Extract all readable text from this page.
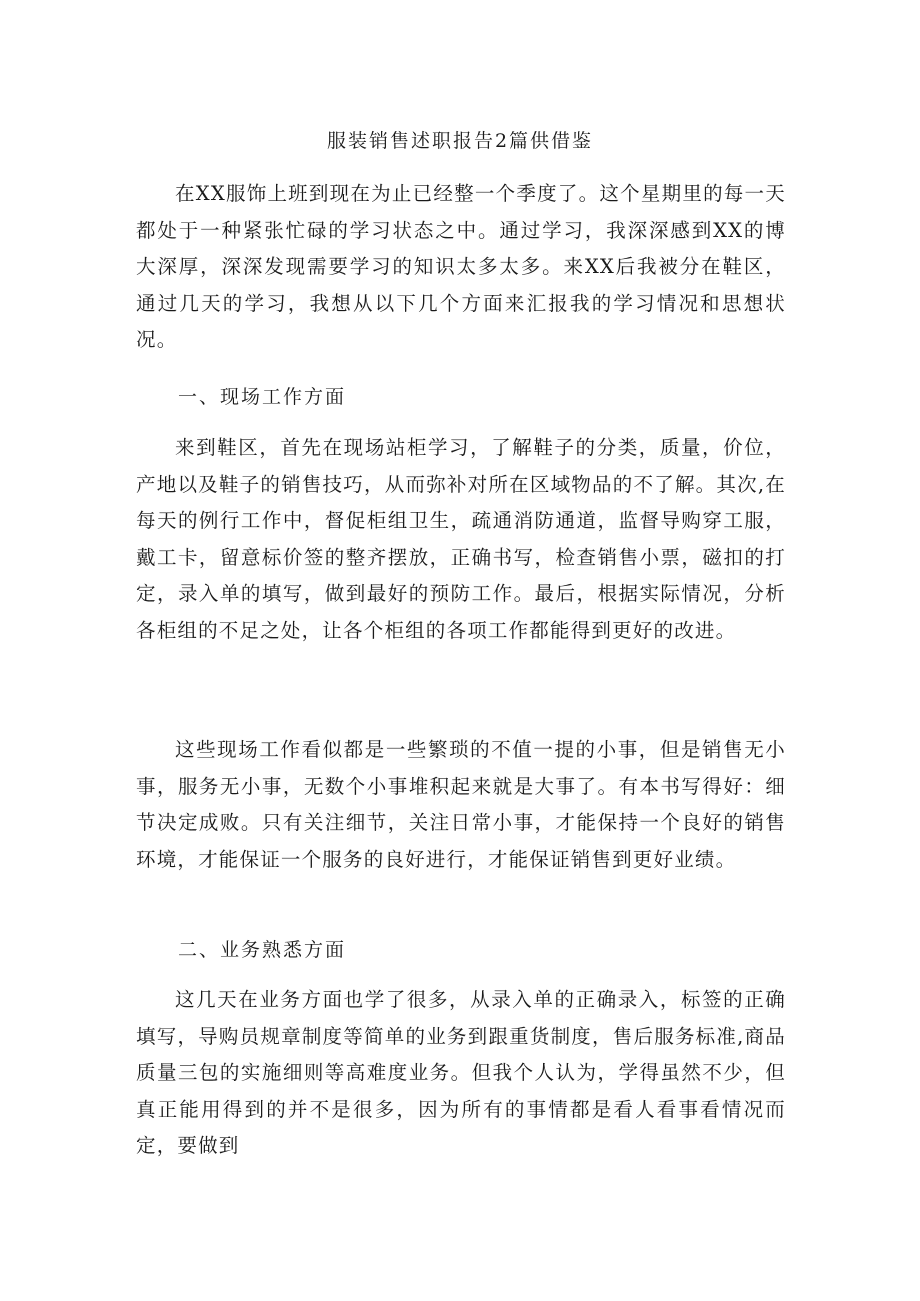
服装销售述职报告2篇供借鉴

在XX服饰上班到现在为止已经整一个季度了。这个星期里的每一天都处于一种紧张忙碌的学习状态之中。通过学习，我深深感到XX的博大深厚，深深发现需要学习的知识太多太多。来XX后我被分在鞋区，通过几天的学习，我想从以下几个方面来汇报我的学习情况和思想状况。

一、现场工作方面

来到鞋区，首先在现场站柜学习，了解鞋子的分类，质量，价位，产地以及鞋子的销售技巧，从而弥补对所在区域物品的不了解。其次,在每天的例行工作中，督促柜组卫生，疏通消防通道，监督导购穿工服，戴工卡，留意标价签的整齐摆放，正确书写，检查销售小票，磁扣的打定，录入单的填写，做到最好的预防工作。最后，根据实际情况，分析各柜组的不足之处，让各个柜组的各项工作都能得到更好的改进。

这些现场工作看似都是一些繁琐的不值一提的小事，但是销售无小事，服务无小事，无数个小事堆积起来就是大事了。有本书写得好：细节决定成败。只有关注细节，关注日常小事，才能保持一个良好的销售环境，才能保证一个服务的良好进行，才能保证销售到更好业绩。

二、业务熟悉方面

这几天在业务方面也学了很多，从录入单的正确录入，标签的正确填写，导购员规章制度等简单的业务到跟重货制度，售后服务标准,商品质量三包的实施细则等高难度业务。但我个人认为，学得虽然不少，但真正能用得到的并不是很多，因为所有的事情都是看人看事看情况而定，要做到
